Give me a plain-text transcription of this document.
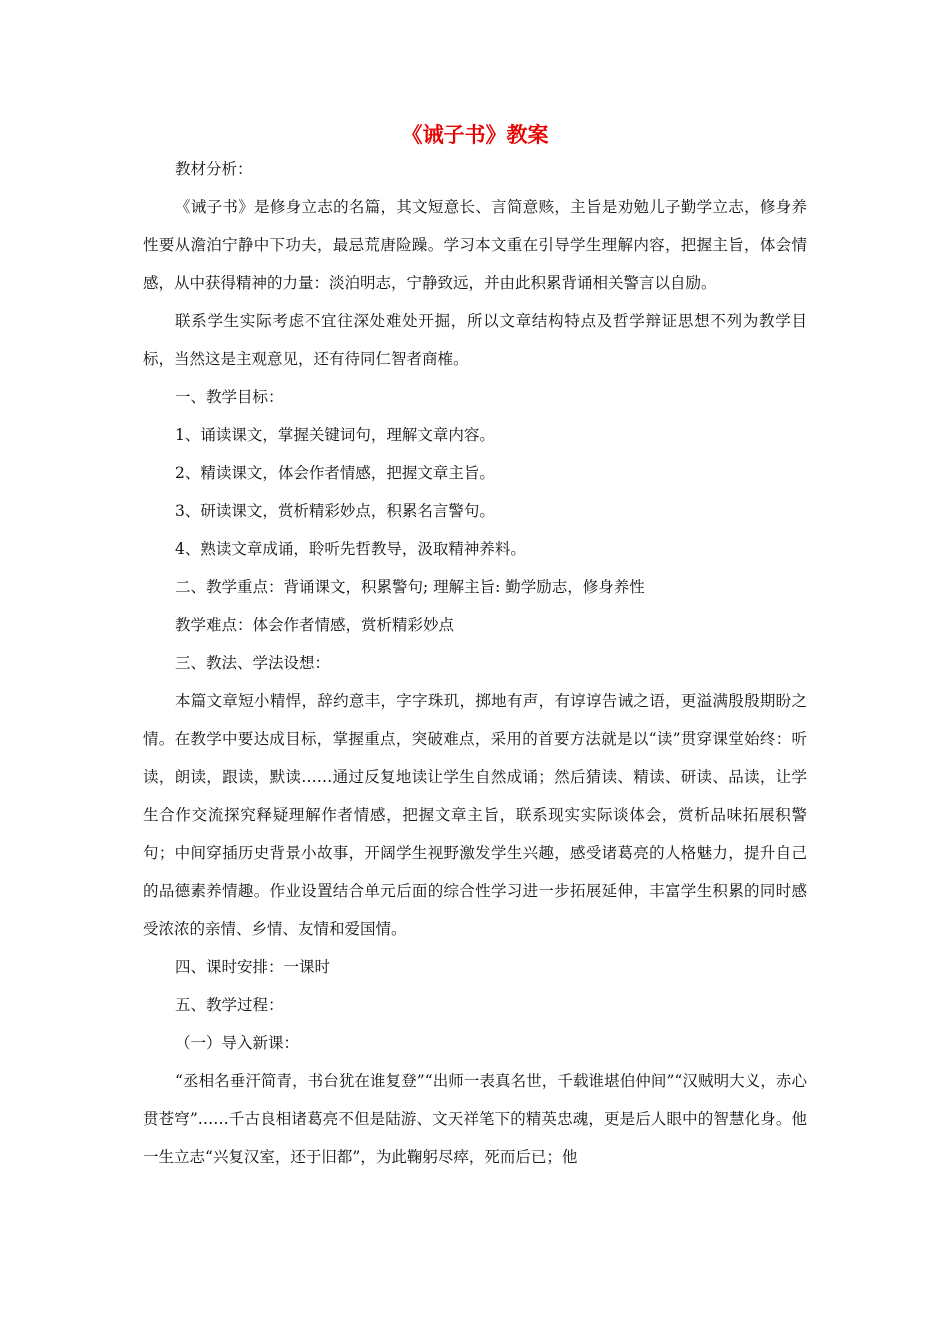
《诫子书》教案

教材分析：

《诫子书》是修身立志的名篇，其文短意长、言简意赅，主旨是劝勉儿子勤学立志，修身养性要从澹泊宁静中下功夫，最忌荒唐险躁。学习本文重在引导学生理解内容，把握主旨，体会情感，从中获得精神的力量：淡泊明志，宁静致远，并由此积累背诵相关警言以自励。

联系学生实际考虑不宜往深处难处开掘，所以文章结构特点及哲学辩证思想不列为教学目标，当然这是主观意见，还有待同仁智者商榷。

一、教学目标：

1、诵读课文，掌握关键词句，理解文章内容。

2、精读课文，体会作者情感，把握文章主旨。

3、研读课文，赏析精彩妙点，积累名言警句。

4、熟读文章成诵，聆听先哲教导，汲取精神养料。

二、教学重点：背诵课文，积累警句; 理解主旨: 勤学励志，修身养性

教学难点：体会作者情感，赏析精彩妙点

三、教法、学法设想：

本篇文章短小精悍，辞约意丰，字字珠玑，掷地有声，有谆谆告诫之语，更溢满殷殷期盼之情。在教学中要达成目标，掌握重点，突破难点，采用的首要方法就是以“读”贯穿课堂始终：听读，朗读，跟读，默读……通过反复地读让学生自然成诵；然后猜读、精读、研读、品读，让学生合作交流探究释疑理解作者情感，把握文章主旨，联系现实实际谈体会，赏析品味拓展积警句；中间穿插历史背景小故事，开阔学生视野激发学生兴趣，感受诸葛亮的人格魅力，提升自己的品德素养情趣。作业设置结合单元后面的综合性学习进一步拓展延伸，丰富学生积累的同时感受浓浓的亲情、乡情、友情和爱国情。

四、课时安排：一课时

五、教学过程：

（一）导入新课：

“丞相名垂汗简青，书台犹在谁复登”“出师一表真名世，千载谁堪伯仲间”“汉贼明大义，赤心贯苍穹”……千古良相诸葛亮不但是陆游、文天祥笔下的精英忠魂，更是后人眼中的智慧化身。他一生立志“兴复汉室，还于旧都”，为此鞠躬尽瘁，死而后已；他
